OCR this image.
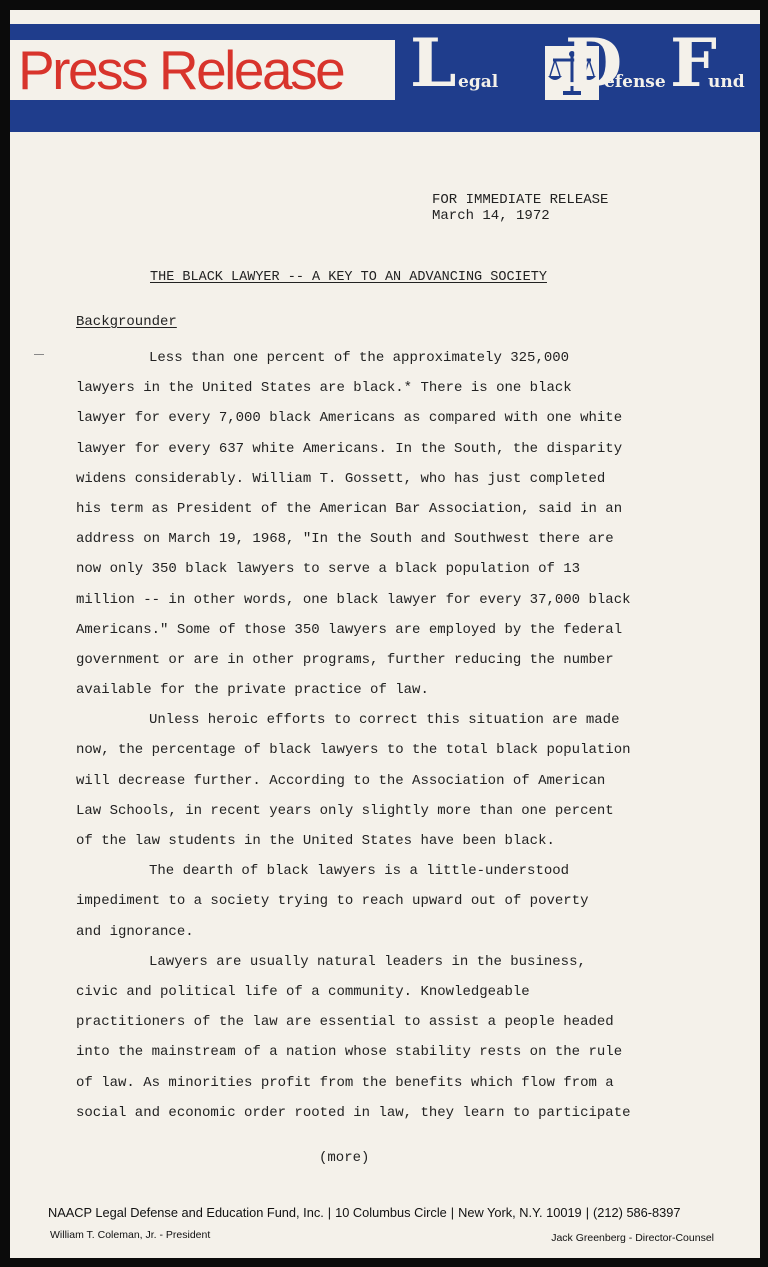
Press Release L egal D
efense F
und
FOR IMMEDIATE RELEASE
March 14, 1972
THE BLACK LAWYER -- A KEY TO AN ADVANCING SOCIETY
Backgrounder
Less than one percent of the approximately 325,000
lawyers in the United States are black.* There is one black
lawyer for every 7,000 black Americans as compared with one white
lawyer for every 637 white Americans. In the South, the disparity
widens considerably. William T. Gossett, who has just completed
his term as President of the American Bar Association, said in an
address on March 19, 1968, "In the South and Southwest there are
now only 350 black lawyers to serve a black population of 13
million -- in other words, one black lawyer for every 37,000 black
Americans." Some of those 350 lawyers are employed by the federal
government or are in other programs, further reducing the number
available for the private practice of law.
Unless heroic efforts to correct this situation are made
now, the percentage of black lawyers to the total black population
will decrease further. According to the Association of American
Law Schools, in recent years only slightly more than one percent
of the law students in the United States have been black.
The dearth of black lawyers is a little-understood
impediment to a society trying to reach upward out of poverty
and ignorance.
Lawyers are usually natural leaders in the business,
civic and political life of a community. Knowledgeable
practitioners of the law are essential to assist a people headed
into the mainstream of a nation whose stability rests on the rule
of law. As minorities profit from the benefits which flow from a
social and economic order rooted in law, they learn to participate
(more)
NAACP Legal Defense and Education Fund, Inc. | 10 Columbus Circle | New York, N.Y. 10019 | (212) 586-8397
William T. Coleman, Jr. - President	Jack Greenberg - Director-Counsel
